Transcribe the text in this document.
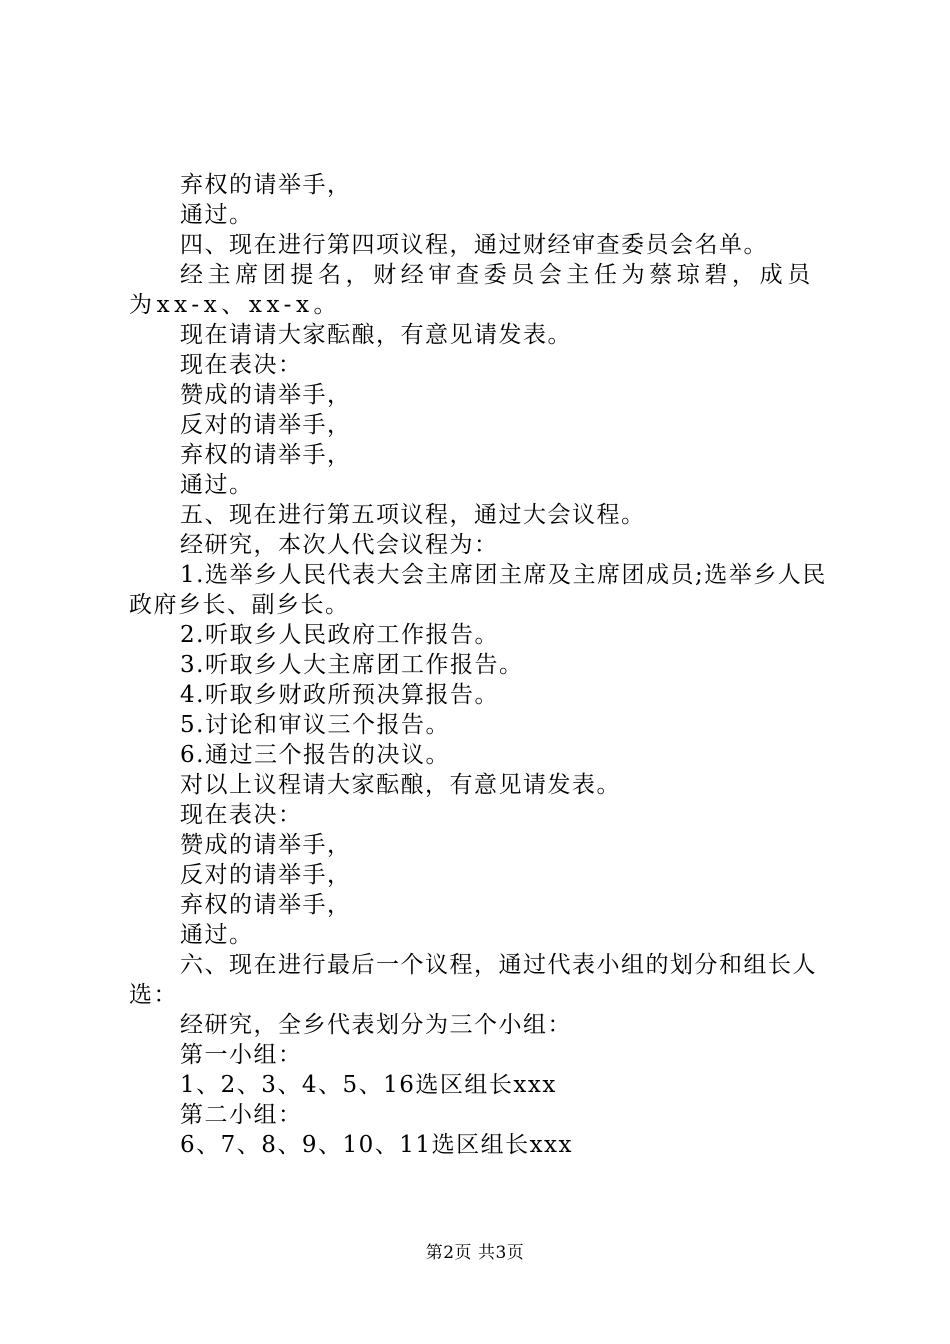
弃权的请举手，

通过。

四、现在进行第四项议程，通过财经审查委员会名单。

经主席团提名，财经审查委员会主任为蔡琼碧，成员为xx-x、xx-x。

现在请请大家酝酿，有意见请发表。

现在表决：

赞成的请举手，

反对的请举手，

弃权的请举手，

通过。

五、现在进行第五项议程，通过大会议程。

经研究，本次人代会议程为：

1.选举乡人民代表大会主席团主席及主席团成员;选举乡人民政府乡长、副乡长。

2.听取乡人民政府工作报告。

3.听取乡人大主席团工作报告。

4.听取乡财政所预决算报告。

5.讨论和审议三个报告。

6.通过三个报告的决议。

对以上议程请大家酝酿，有意见请发表。

现在表决：

赞成的请举手，

反对的请举手，

弃权的请举手，

通过。

六、现在进行最后一个议程，通过代表小组的划分和组长人选：

经研究，全乡代表划分为三个小组：

第一小组：

1、2、3、4、5、16选区组长xxx

第二小组：

6、7、8、9、10、11选区组长xxx

第2页 共3页
